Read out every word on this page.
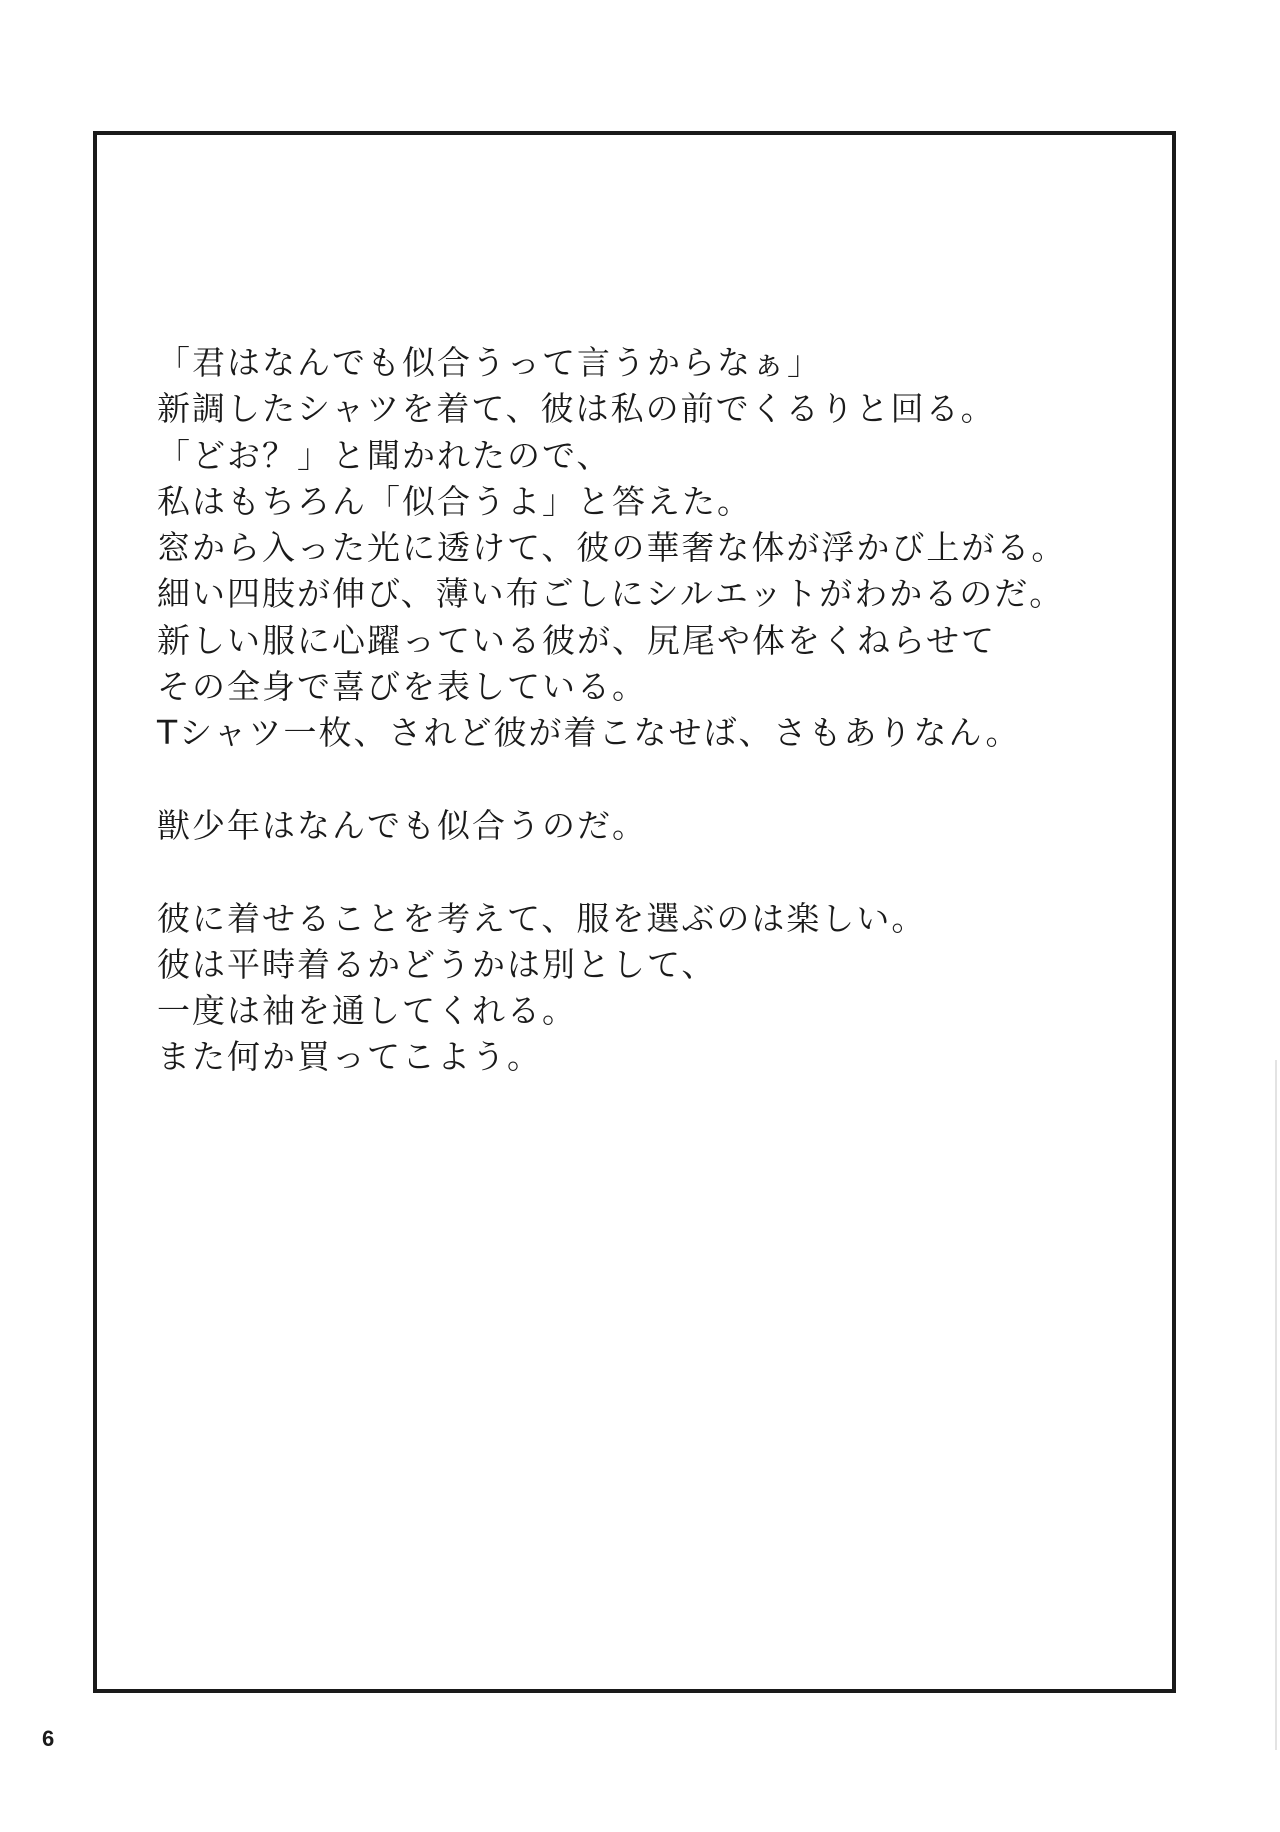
「君はなんでも似合うって言うからなぁ」
新調したシャツを着て、彼は私の前でくるりと回る。
「どお？」と聞かれたので、
私はもちろん「似合うよ」と答えた。
窓から入った光に透けて、彼の華奢な体が浮かび上がる。
細い四肢が伸び、薄い布ごしにシルエットがわかるのだ。
新しい服に心躍っている彼が、尻尾や体をくねらせて
その全身で喜びを表している。
Tシャツ一枚、されど彼が着こなせば、さもありなん。
獣少年はなんでも似合うのだ。
彼に着せることを考えて、服を選ぶのは楽しい。
彼は平時着るかどうかは別として、
一度は袖を通してくれる。
また何か買ってこよう。
6
